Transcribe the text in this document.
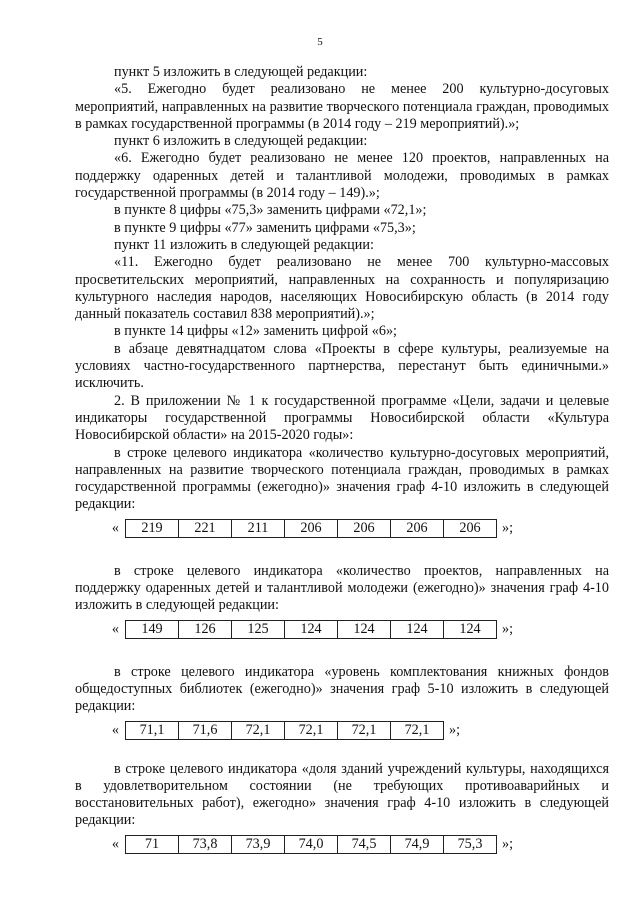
5

пункт 5 изложить в следующей редакции:

«5. Ежегодно будет реализовано не менее 200 культурно-досуговых мероприятий, направленных на развитие творческого потенциала граждан, проводимых в рамках государственной программы (в 2014 году – 219 мероприятий).»;

пункт 6 изложить в следующей редакции:

«6. Ежегодно будет реализовано не менее 120 проектов, направленных на поддержку одаренных детей и талантливой молодежи, проводимых в рамках государственной программы (в 2014 году – 149).»;

в пункте 8 цифры «75,3» заменить цифрами «72,1»;

в пункте 9 цифры «77» заменить цифрами «75,3»;

пункт 11 изложить в следующей редакции:

«11. Ежегодно будет реализовано не менее 700 культурно-массовых просветительских мероприятий, направленных на сохранность и популяризацию культурного наследия народов, населяющих Новосибирскую область (в 2014 году данный показатель составил 838 мероприятий).»;

в пункте 14 цифры «12» заменить цифрой «6»;

в абзаце девятнадцатом слова «Проекты в сфере культуры, реализуемые на условиях частно-государственного партнерства, перестанут быть единичными.» исключить.

2. В приложении № 1 к государственной программе «Цели, задачи и целевые индикаторы государственной программы Новосибирской области «Культура Новосибирской области» на 2015-2020 годы»:

в строке целевого индикатора «количество культурно-досуговых мероприятий, направленных на развитие творческого потенциала граждан, проводимых в рамках государственной программы (ежегодно)» значения граф 4-10 изложить в следующей редакции:

«	219	221	211	206	206	206	206	»;

в строке целевого индикатора «количество проектов, направленных на поддержку одаренных детей и талантливой молодежи (ежегодно)» значения граф 4-10 изложить в следующей редакции:

«	149	126	125	124	124	124	124	»;

в строке целевого индикатора «уровень комплектования книжных фондов общедоступных библиотек (ежегодно)» значения граф 5-10 изложить в следующей редакции:

«	71,1	71,6	72,1	72,1	72,1	72,1	»;

в строке целевого индикатора «доля зданий учреждений культуры, находящихся в удовлетворительном состоянии (не требующих противоаварийных и восстановительных работ), ежегодно» значения граф 4-10 изложить в следующей редакции:

«	71	73,8	73,9	74,0	74,5	74,9	75,3	»;
